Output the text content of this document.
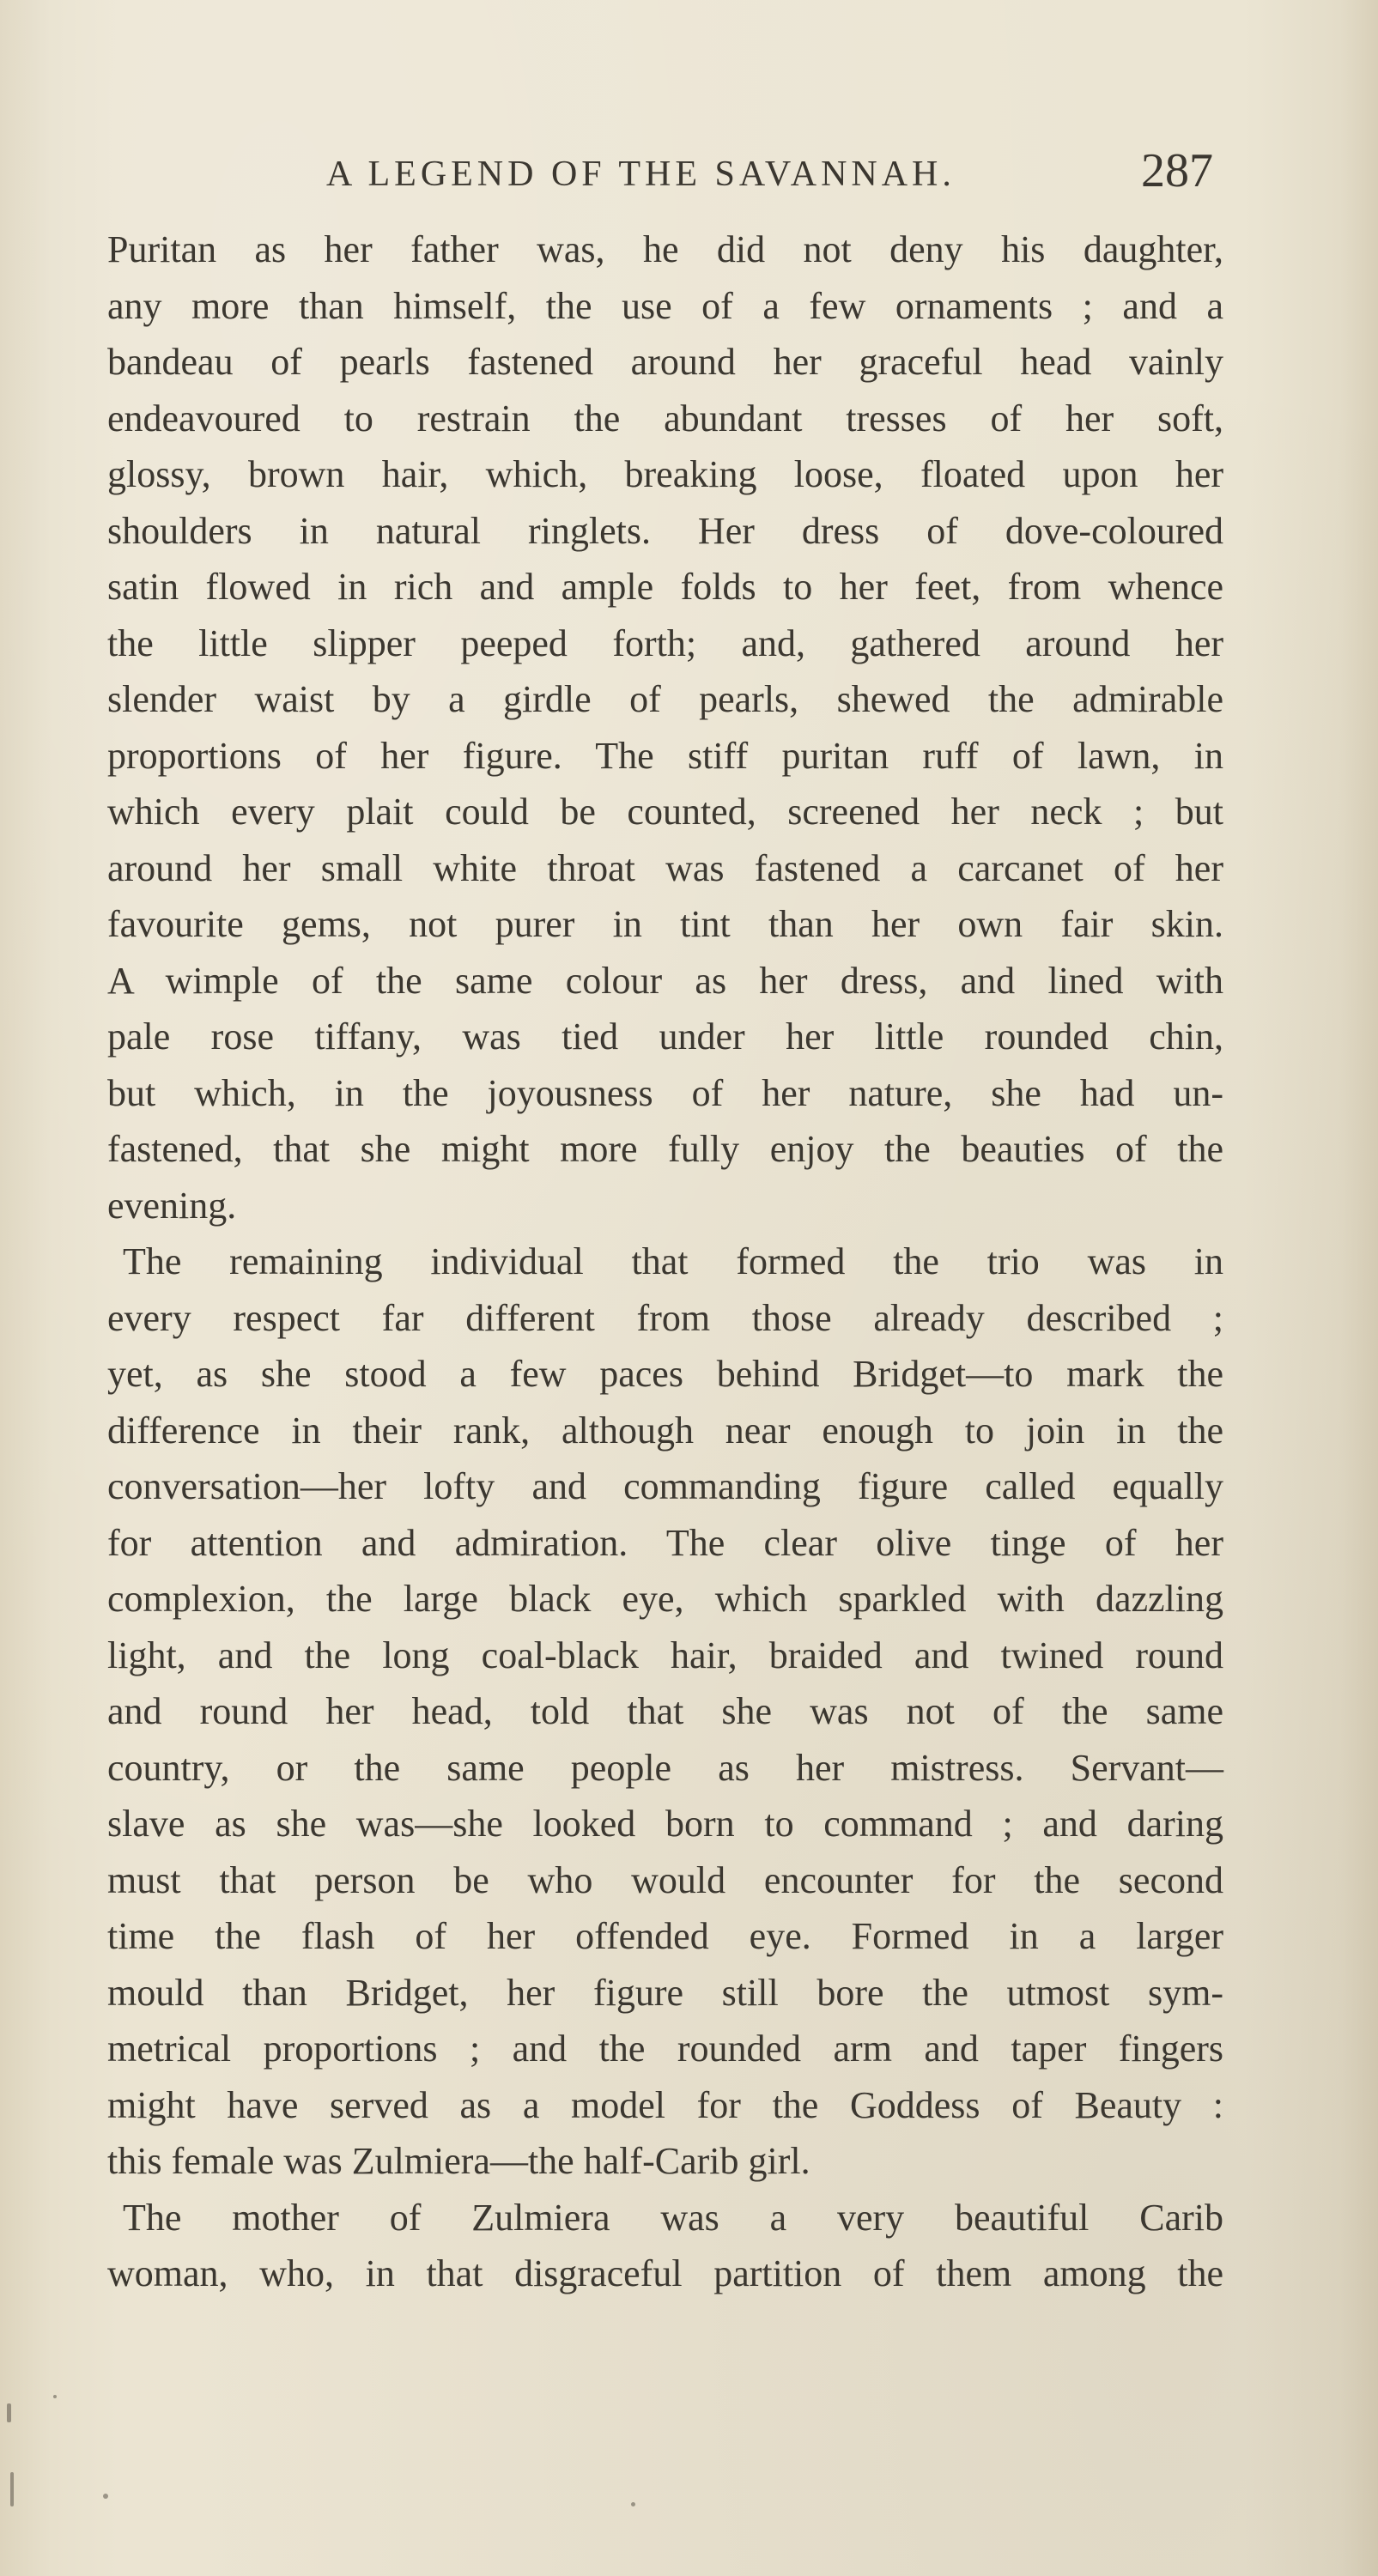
A LEGEND OF THE SAVANNAH.	287
Puritan as her father was, he did not deny his daughter,
any more than himself, the use of a few ornaments ; and a
bandeau of pearls fastened around her graceful head vainly
endeavoured to restrain the abundant tresses of her soft,
glossy, brown hair, which, breaking loose, floated upon her
shoulders in natural ringlets. Her dress of dove-coloured
satin flowed in rich and ample folds to her feet, from whence
the little slipper peeped forth; and, gathered around her
slender waist by a girdle of pearls, shewed the admirable
proportions of her figure. The stiff puritan ruff of lawn, in
which every plait could be counted, screened her neck ; but
around her small white throat was fastened a carcanet of her
favourite gems, not purer in tint than her own fair skin.
A wimple of the same colour as her dress, and lined with
pale rose tiffany, was tied under her little rounded chin,
but which, in the joyousness of her nature, she had un-
fastened, that she might more fully enjoy the beauties of the
evening.
The remaining individual that formed the trio was in
every respect far different from those already described ;
yet, as she stood a few paces behind Bridget—to mark the
difference in their rank, although near enough to join in the
conversation—her lofty and commanding figure called equally
for attention and admiration. The clear olive tinge of her
complexion, the large black eye, which sparkled with dazzling
light, and the long coal-black hair, braided and twined round
and round her head, told that she was not of the same
country, or the same people as her mistress. Servant—
slave as she was—she looked born to command ; and daring
must that person be who would encounter for the second
time the flash of her offended eye. Formed in a larger
mould than Bridget, her figure still bore the utmost sym-
metrical proportions ; and the rounded arm and taper fingers
might have served as a model for the Goddess of Beauty :
this female was Zulmiera—the half-Carib girl.
The mother of Zulmiera was a very beautiful Carib
woman, who, in that disgraceful partition of them among the
